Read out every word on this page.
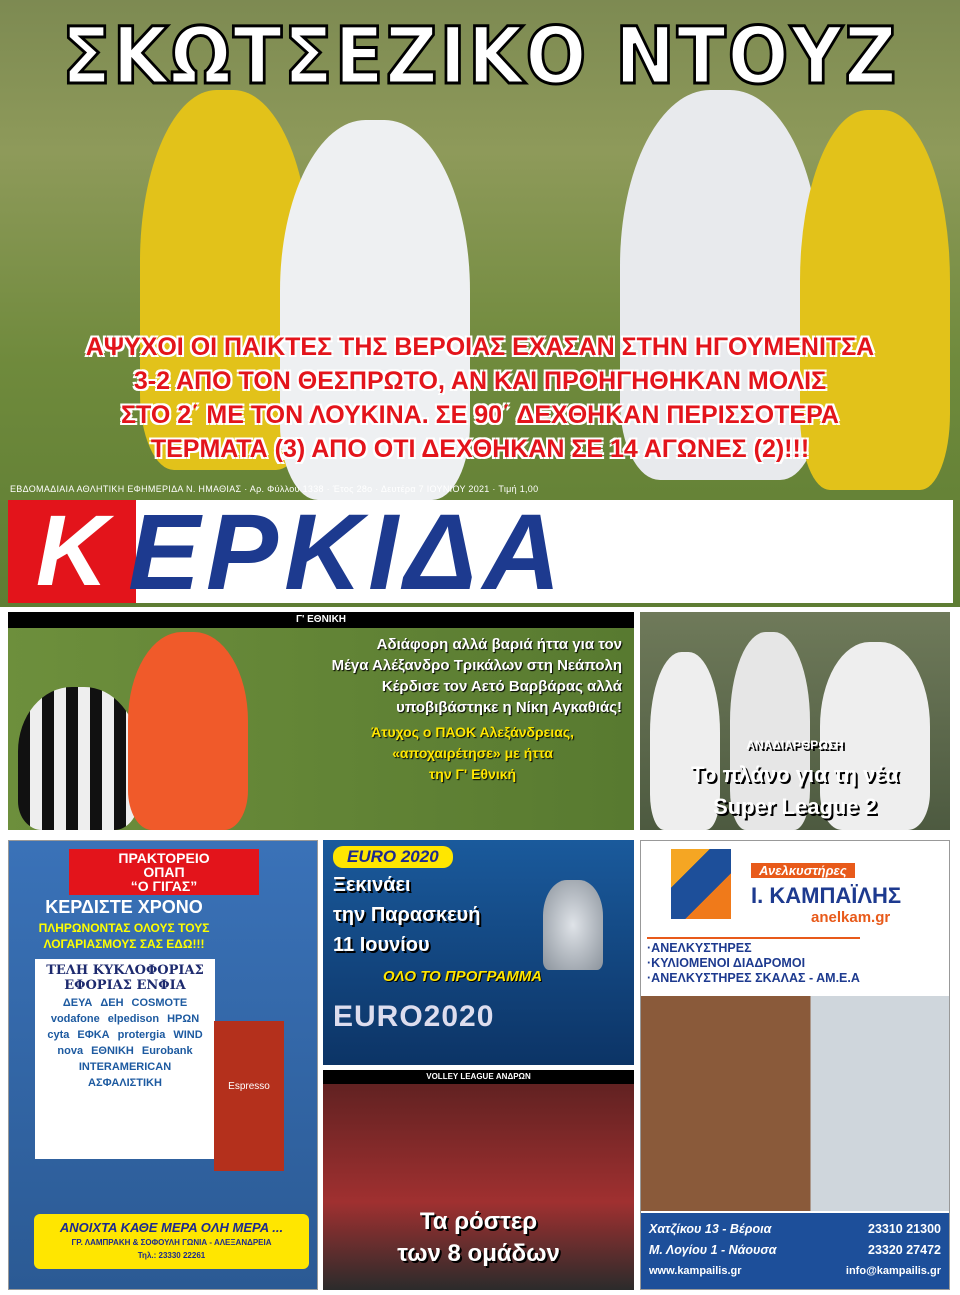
ΣΚΩΤΣΕΖΙΚΟ ΝΤΟΥΖ
ΑΨΥΧΟΙ ΟΙ ΠΑΙΚΤΕΣ ΤΗΣ ΒΕΡΟΙΑΣ ΕΧΑΣΑΝ ΣΤΗΝ ΗΓΟΥΜΕΝΙΤΣΑ
3-2 ΑΠΟ ΤΟΝ ΘΕΣΠΡΩΤΟ, ΑΝ ΚΑΙ ΠΡΟΗΓΗΘΗΚΑΝ ΜΟΛΙΣ
ΣΤΟ 2΄ ΜΕ ΤΟΝ ΛΟΥΚΙΝΑ. ΣΕ 90΄ ΔΕΧΘΗΚΑΝ ΠΕΡΙΣΣΟΤΕΡΑ
ΤΕΡΜΑΤΑ (3) ΑΠΟ ΟΤΙ ΔΕΧΘΗΚΑΝ ΣΕ 14 ΑΓΩΝΕΣ (2)!!!
ΕΒΔΟΜΑΔΙΑΙΑ ΑΘΛΗΤΙΚΗ ΕΦΗΜΕΡΙΔΑ Ν. ΗΜΑΘΙΑΣ · Αρ. Φύλλου 1338 · Έτος 28ο · Δευτέρα 7 ΙΟΥΝΙΟΥ 2021 · Τιμή 1,00
Κ ΕΡΚΙΔΑ
Γ' ΕΘΝΙΚΗ
Αδιάφορη αλλά βαριά ήττα για τον
Μέγα Αλέξανδρο Τρικάλων στη Νεάπολη
Κέρδισε τον Αετό Βαρβάρας αλλά
υποβιβάστηκε η Νίκη Αγκαθιάς!
Άτυχος ο ΠΑΟΚ Αλεξάνδρειας,
«αποχαιρέτησε» με ήττα
την Γ' Εθνική
ΑΝΑΔΙΑΡΘΡΩΣΗ
Το πλάνο για τη νέα
Super League 2
ΠΡΑΚΤΟΡΕΙΟ
ΟΠΑΠ
“Ο ΓΙΓΑΣ”
ΚΕΡΔΙΣΤΕ ΧΡΟΝΟ
ΠΛΗΡΩΝΟΝΤΑΣ ΟΛΟΥΣ ΤΟΥΣ
ΛΟΓΑΡΙΑΣΜΟΥΣ ΣΑΣ ΕΔΩ!!!
ΤΕΛΗ ΚΥΚΛΟΦΟΡΙΑΣ
ΕΦΟΡΙΑΣ ΕΝΦΙΑ
ΔΕΥΑ ΔΕΗ COSMOTE
vodafone elpedison ΗΡΩΝ
cyta ΕΦΚΑ protergia WIND
nova ΕΘΝΙΚΗ Eurobank
INTERAMERICAN
ΑΣΦΑΛΙΣΤΙΚΗ	Espresso
ΑΝΟΙΧΤΑ ΚΑΘΕ ΜΕΡΑ ΟΛΗ ΜΕΡΑ ...
ΓΡ. ΛΑΜΠΡΑΚΗ & ΣΟΦΟΥΛΗ ΓΩΝΙΑ - ΑΛΕΞΑΝΔΡΕΙΑ
Τηλ.: 23330 22261
EURO 2020
Ξεκινάει
την Παρασκευή
11 Ιουνίου
ΟΛΟ ΤΟ ΠΡΟΓΡΑΜΜΑ
EURO2020
VOLLEY LEAGUE ΑΝΔΡΩΝ
Τα ρόστερ
των 8 ομάδων
Ανελκυστήρες
Ι. ΚΑΜΠΑΪΛΗΣ
anelkam.gr
·ΑΝΕΛΚΥΣΤΗΡΕΣ
·ΚΥΛΙΟΜΕΝΟΙ ΔΙΑΔΡΟΜΟΙ
·ΑΝΕΛΚΥΣΤΗΡΕΣ ΣΚΑΛΑΣ - ΑΜ.Ε.Α
Χατζίκου 13 - Βέροια	23310 21300
Μ. Λογίου 1 - Νάουσα	23320 27472
www.kampailis.gr	info@kampailis.gr
